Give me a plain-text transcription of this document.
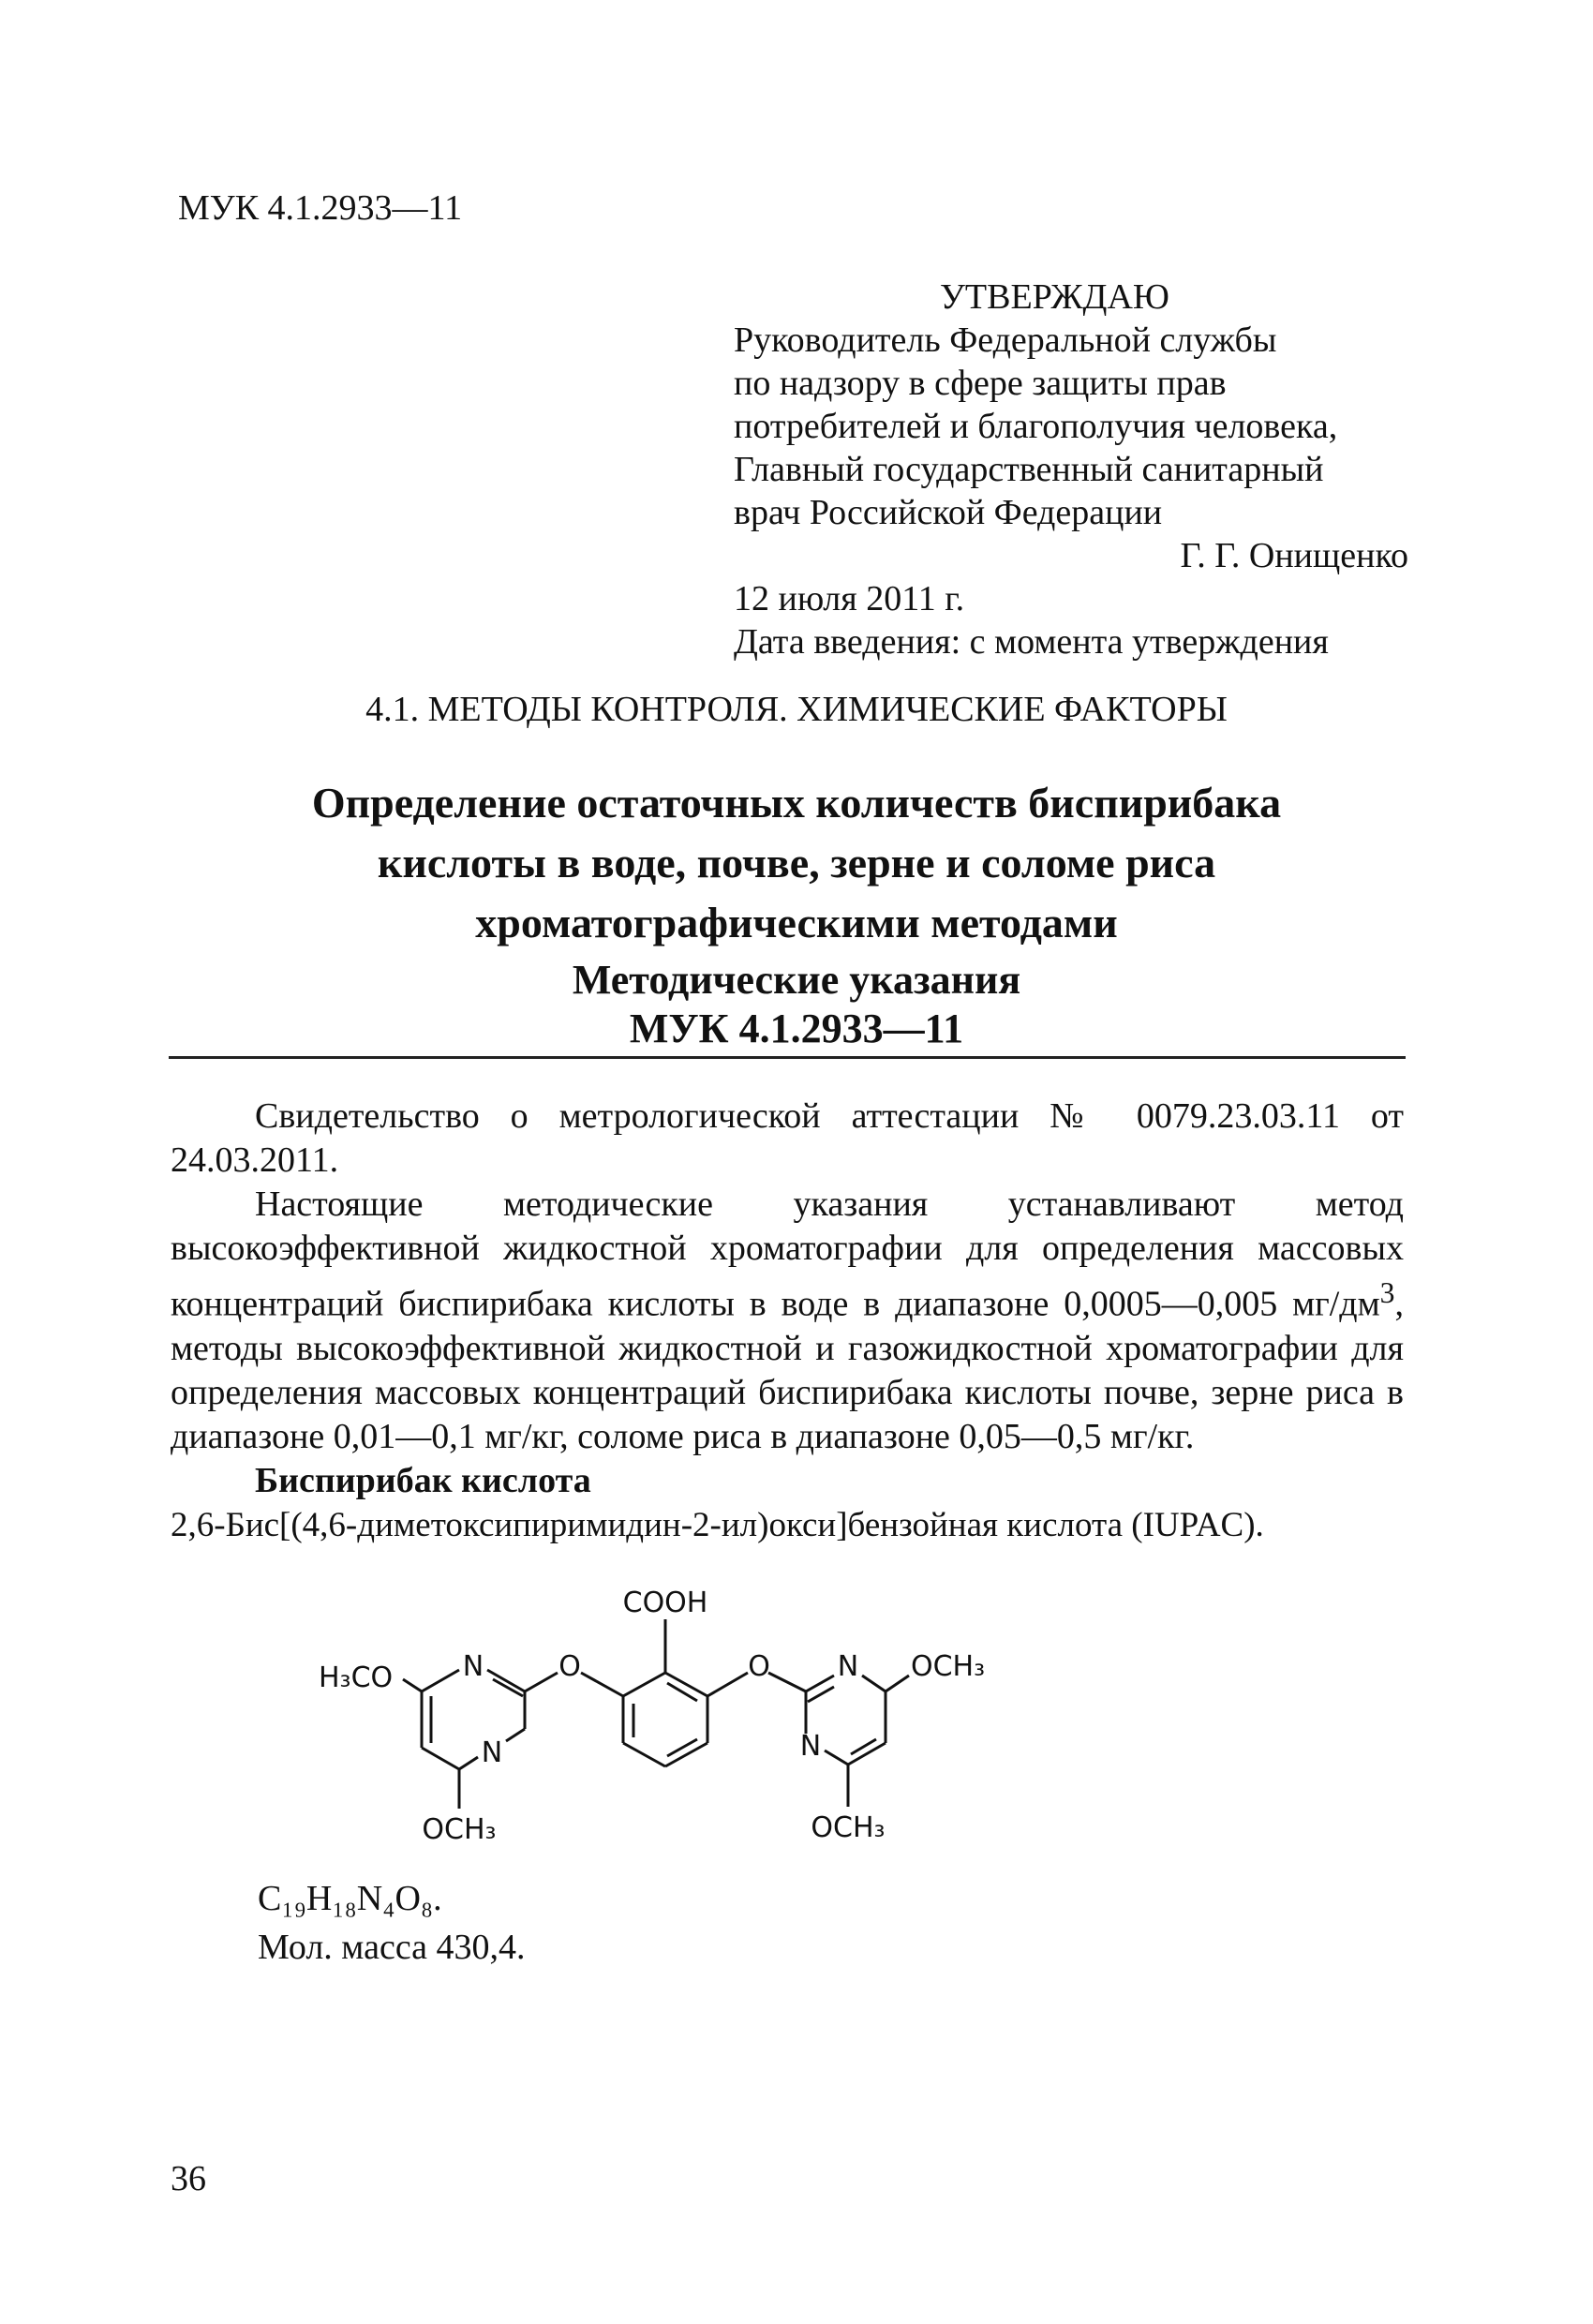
МУК 4.1.2933—11
УТВЕРЖДАЮ
Руководитель Федеральной службы
по надзору в сфере защиты прав
потребителей и благополучия человека,
Главный государственный санитарный
врач Российской Федерации
Г. Г. Онищенко
12 июля 2011 г.
Дата введения: с момента утверждения
4.1. МЕТОДЫ КОНТРОЛЯ. ХИМИЧЕСКИЕ ФАКТОРЫ
Определение остаточных количеств биспирибака
кислоты в воде, почве, зерне и соломе риса
хроматографическими методами
Методические указания
МУК 4.1.2933—11

Свидетельство о метрологической аттестации № 0079.23.03.11 от 24.03.2011.

Настоящие методические указания устанавливают метод высокоэффективной жидкостной хроматографии для определения массовых концентраций биспирибака кислоты в воде в диапазоне 0,0005—0,005 $мг/дм^3$, методы высокоэффективной жидкостной и газожидкостной хроматографии для определения массовых концентраций биспирибака кислоты почве, зерне риса в диапазоне 0,01—0,1 мг/кг, соломе риса в диапазоне 0,05—0,5 мг/кг.

Биспирибак кислота

2,6-Бис[(4,6-диметоксипиримидин-2-ил)окси]бензойная кислота (IUPAC).
COOH
H₃CO N	O
N
OCH₃
O N
N
OCH₃
OCH₃
C₁₉H₁₈N₄O₈.
Мол. масса 430,4.
36
